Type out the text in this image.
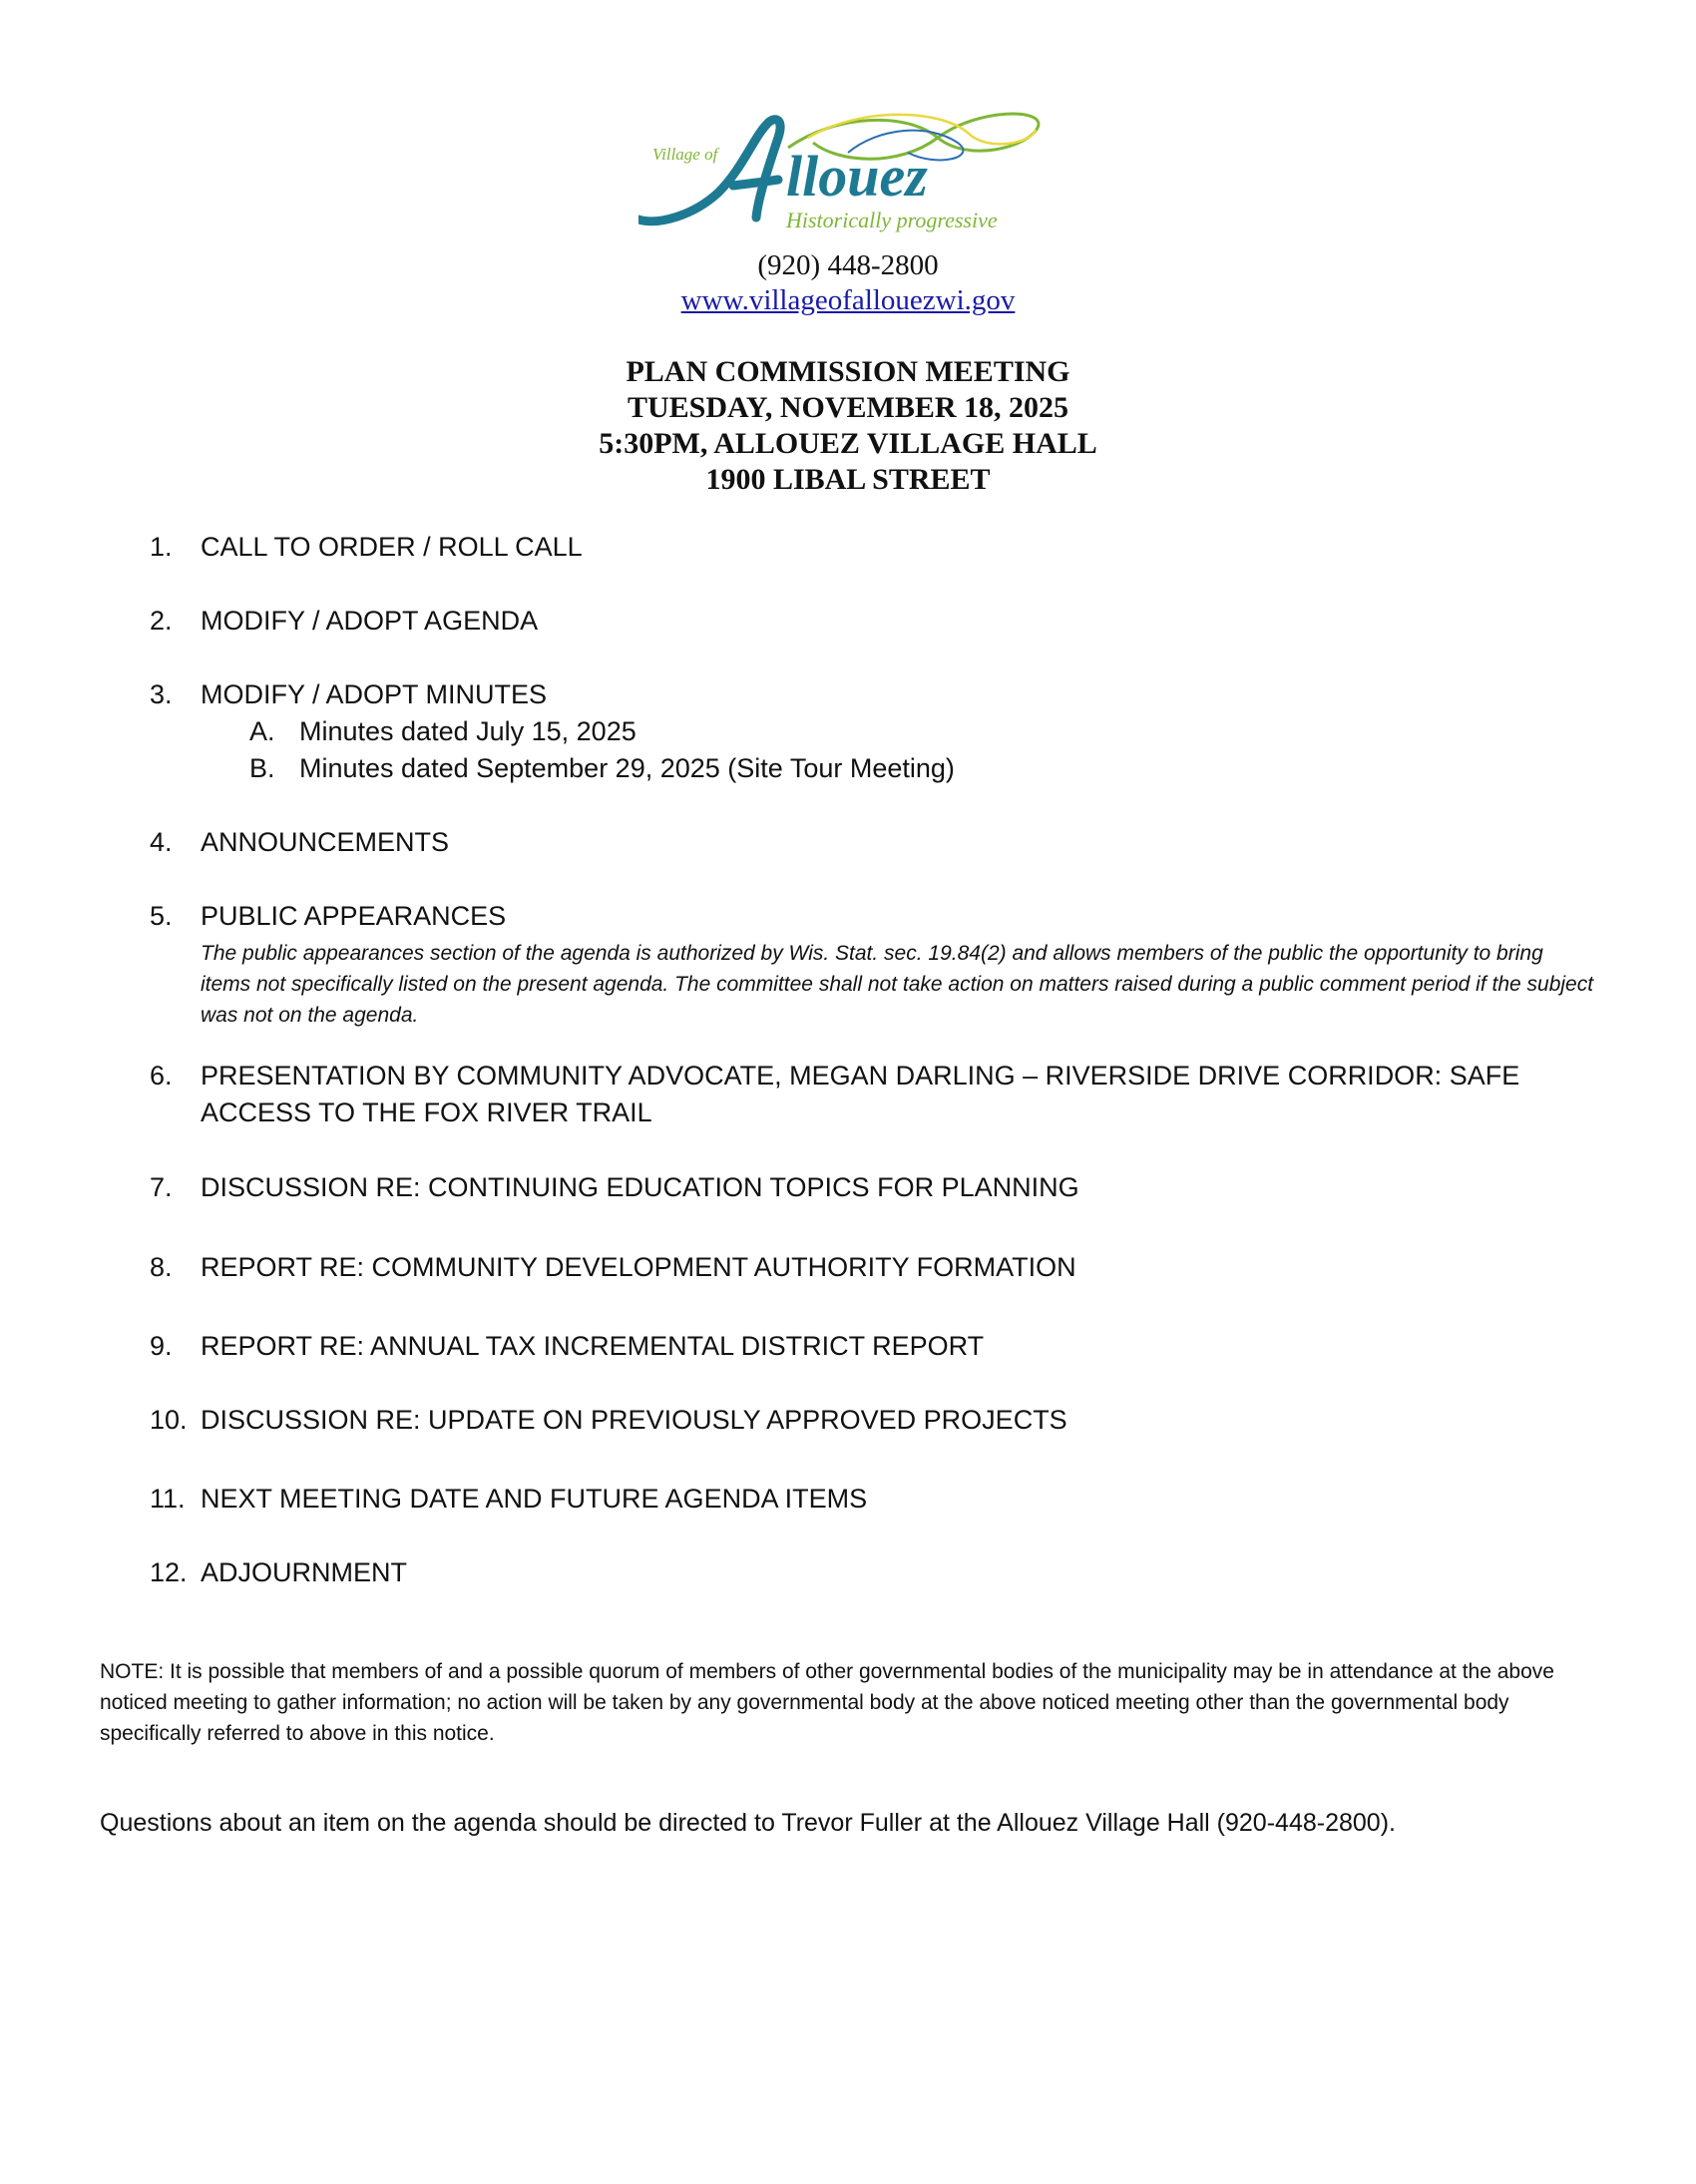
Village of llouez
Historically progressive
(920) 448-2800
www.villageofallouezwi.gov
PLAN COMMISSION MEETING
TUESDAY, NOVEMBER 18, 2025
5:30PM, ALLOUEZ VILLAGE HALL
1900 LIBAL STREET
1.	CALL TO ORDER / ROLL CALL
2.	MODIFY / ADOPT AGENDA
3.	MODIFY / ADOPT MINUTES
A. Minutes dated July 15, 2025
B. Minutes dated September 29, 2025 (Site Tour Meeting)
4.	ANNOUNCEMENTS
5.	PUBLIC APPEARANCES
The public appearances section of the agenda is authorized by Wis. Stat. sec. 19.84(2) and allows members of the public the opportunity to bring items not specifically listed on the present agenda. The committee shall not take action on matters raised during a public comment period if the subject was not on the agenda.
6.	PRESENTATION BY COMMUNITY ADVOCATE, MEGAN DARLING – RIVERSIDE DRIVE CORRIDOR: SAFE ACCESS TO THE FOX RIVER TRAIL
7.	DISCUSSION RE: CONTINUING EDUCATION TOPICS FOR PLANNING
8.	REPORT RE: COMMUNITY DEVELOPMENT AUTHORITY FORMATION
9.	REPORT RE: ANNUAL TAX INCREMENTAL DISTRICT REPORT
10. DISCUSSION RE: UPDATE ON PREVIOUSLY APPROVED PROJECTS
11. NEXT MEETING DATE AND FUTURE AGENDA ITEMS
12. ADJOURNMENT
NOTE: It is possible that members of and a possible quorum of members of other governmental bodies of the municipality may be in attendance at the above noticed meeting to gather information; no action will be taken by any governmental body at the above noticed meeting other than the governmental body specifically referred to above in this notice.
Questions about an item on the agenda should be directed to Trevor Fuller at the Allouez Village Hall (920-448-2800).
